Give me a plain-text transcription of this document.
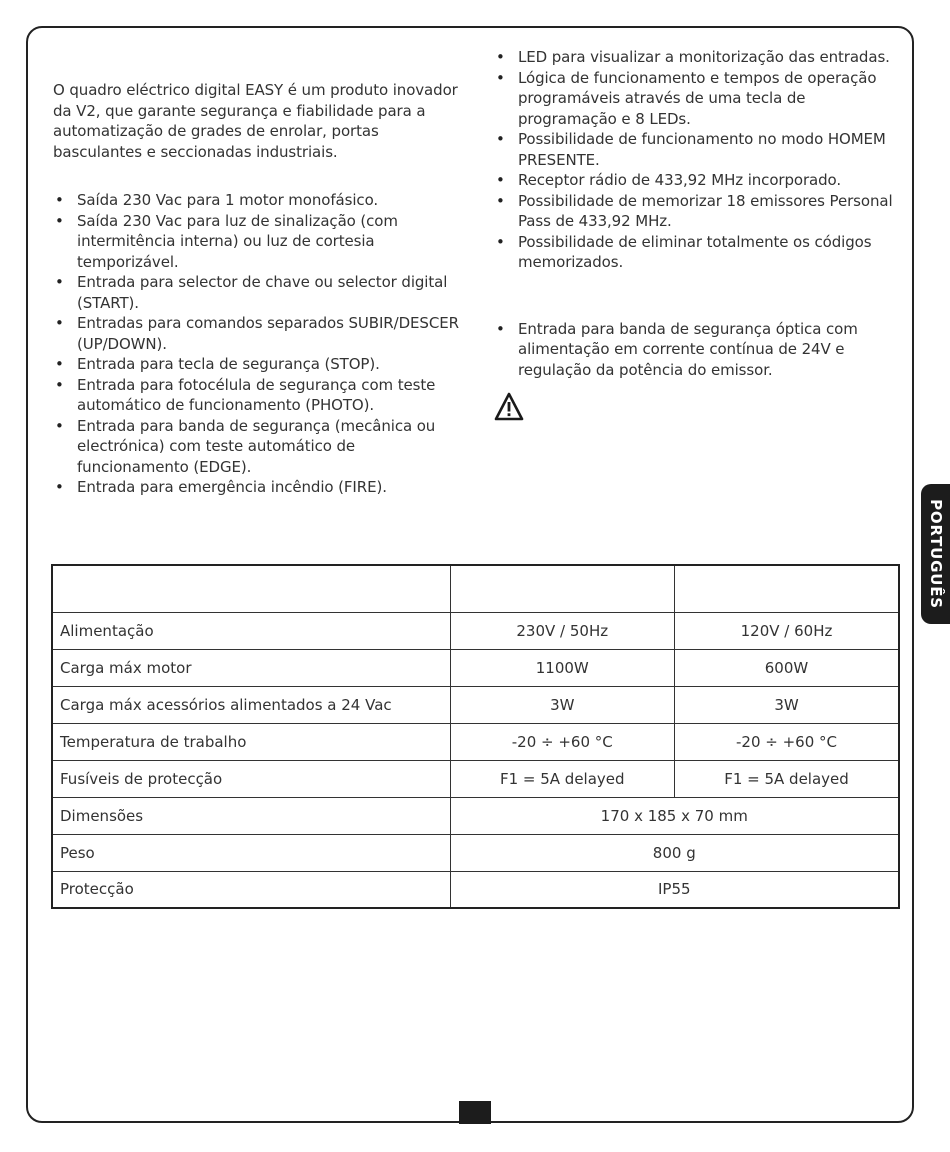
O quadro eléctrico digital EASY é um produto inovador da V2, que garante segurança e fiabilidade para a automatização de grades de enrolar, portas basculantes e seccionadas industriais.

• Saída 230 Vac para 1 motor monofásico.
• Saída 230 Vac para luz de sinalização (com intermitência interna) ou luz de cortesia temporizável.
• Entrada para selector de chave ou selector digital (START).
• Entradas para comandos separados SUBIR/DESCER (UP/DOWN).
• Entrada para tecla de segurança (STOP).
• Entrada para fotocélula de segurança com teste automático de funcionamento (PHOTO).
• Entrada para banda de segurança (mecânica ou electrónica) com teste automático de funcionamento (EDGE).
• Entrada para emergência incêndio (FIRE).
• LED para visualizar a monitorização das entradas.
• Lógica de funcionamento e tempos de operação programáveis através de uma tecla de programação e 8 LEDs.
• Possibilidade de funcionamento no modo HOMEM PRESENTE.
• Receptor rádio de 433,92 MHz incorporado.
• Possibilidade de memorizar 18 emissores Personal Pass de 433,92 MHz.
• Possibilidade de eliminar totalmente os códigos memorizados.
• Entrada para banda de segurança óptica com alimentação em corrente contínua de 24V e regulação da potência do emissor.
PORTUGUÊS

Alimentação	230V / 50Hz	120V / 60Hz
Carga máx motor	1100W	600W
Carga máx acessórios alimentados a 24 Vac	3W	3W
Temperatura de trabalho	-20 ÷ +60 °C	-20 ÷ +60 °C
Fusíveis de protecção	F1 = 5A delayed	F1 = 5A delayed
Dimensões	170 x 185 x 70 mm	
Peso	800 g	
Protecção	IP55	
